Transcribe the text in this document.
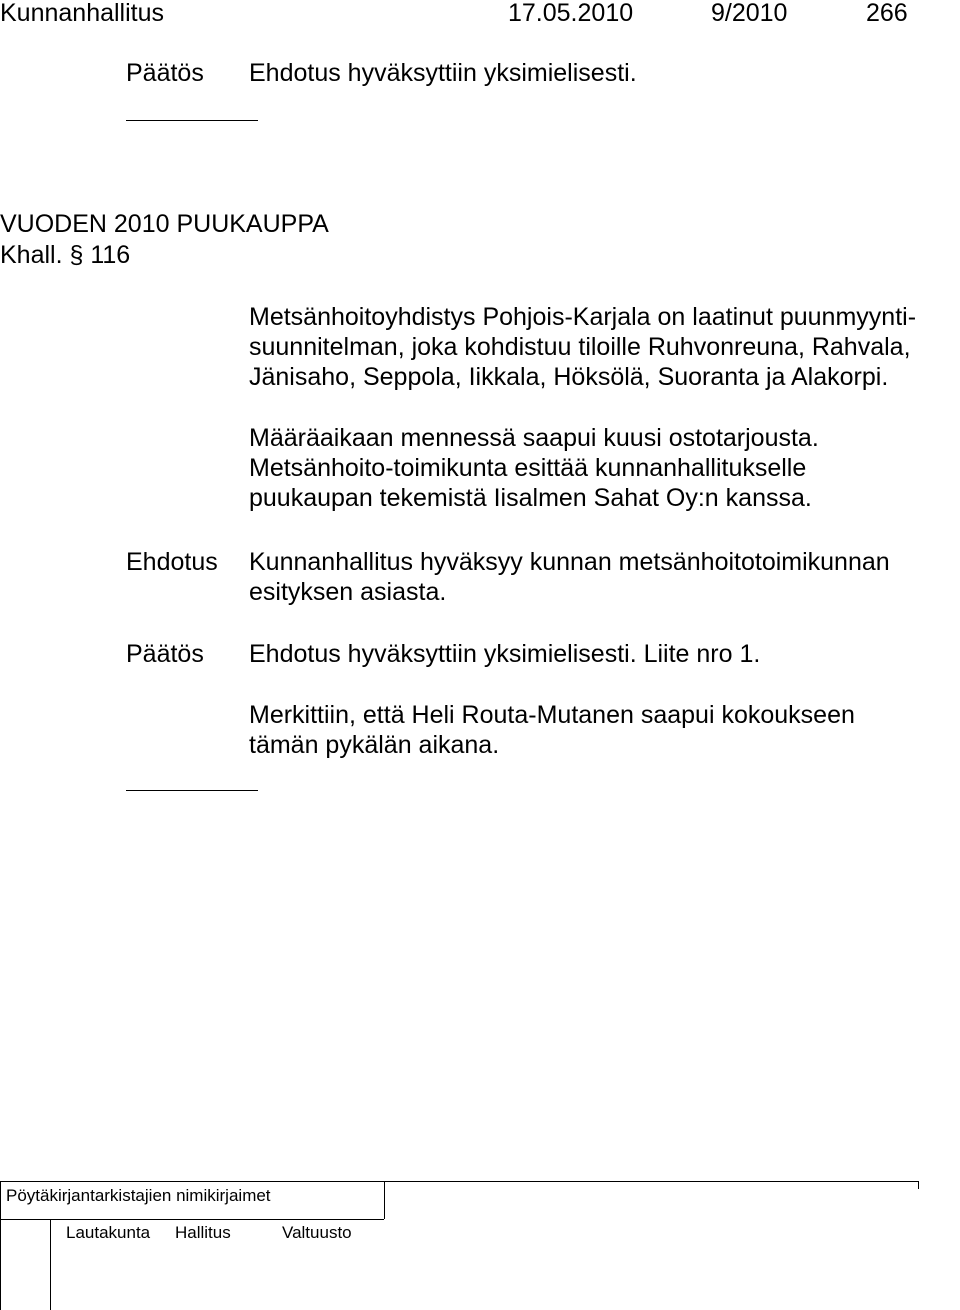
Kunnanhallitus	17.05.2010	9/2010	266
Päätös Ehdotus hyväksyttiin yksimielisesti.
VUODEN 2010 PUUKAUPPA
Khall. § 116
Metsänhoitoyhdistys Pohjois-Karjala on laatinut puunmyynti-
suunnitelman, joka kohdistuu tiloille Ruhvonreuna, Rahvala,
Jänisaho, Seppola, Iikkala, Höksölä, Suoranta ja Alakorpi.
Määräaikaan mennessä saapui kuusi ostotarjousta.
Metsänhoito-toimikunta esittää kunnanhallitukselle
puukaupan tekemistä Iisalmen Sahat Oy:n kanssa.
Ehdotus Kunnanhallitus hyväksyy kunnan metsänhoitotoimikunnan
esityksen asiasta.
Päätös Ehdotus hyväksyttiin yksimielisesti. Liite nro 1.
Merkittiin, että Heli Routa-Mutanen saapui kokoukseen
tämän pykälän aikana.
Pöytäkirjantarkistajien nimikirjaimet
Lautakunta Hallitus	Valtuusto
